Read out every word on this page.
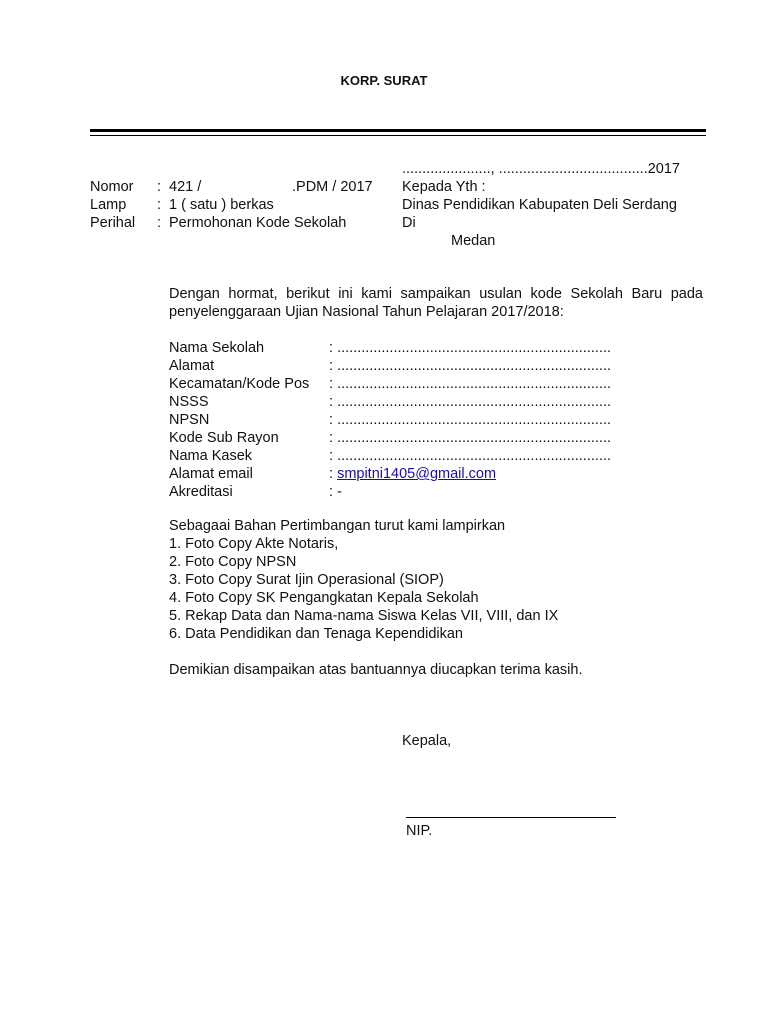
KORP. SURAT
......................, .....................................2017
Nomor : 421 /	.PDM / 2017
Lamp : 1 ( satu ) berkas
Perihal : Permohonan Kode Sekolah
Kepada Yth :
Dinas Pendidikan Kabupaten Deli Serdang
Di
Medan
Dengan hormat, berikut ini kami sampaikan usulan kode Sekolah Baru pada penyelenggaraan Ujian Nasional Tahun Pelajaran 2017/2018:
Nama Sekolah	: ....................................................................
Alamat	: ....................................................................
Kecamatan/Kode Pos : ....................................................................
NSSS	: ....................................................................
NPSN	: ....................................................................
Kode Sub Rayon	: ....................................................................
Nama Kasek	: ....................................................................
Alamat email	: smpitni1405@gmail.com
Akreditasi	: -
Sebagaai Bahan Pertimbangan turut kami lampirkan
1. Foto Copy Akte Notaris,
2. Foto Copy NPSN
3. Foto Copy Surat Ijin Operasional (SIOP)
4. Foto Copy SK Pengangkatan Kepala Sekolah
5. Rekap Data dan Nama-nama Siswa Kelas VII, VIII, dan IX
6. Data Pendidikan dan Tenaga Kependidikan
Demikian disampaikan atas bantuannya diucapkan terima kasih.
Kepala,
NIP.
